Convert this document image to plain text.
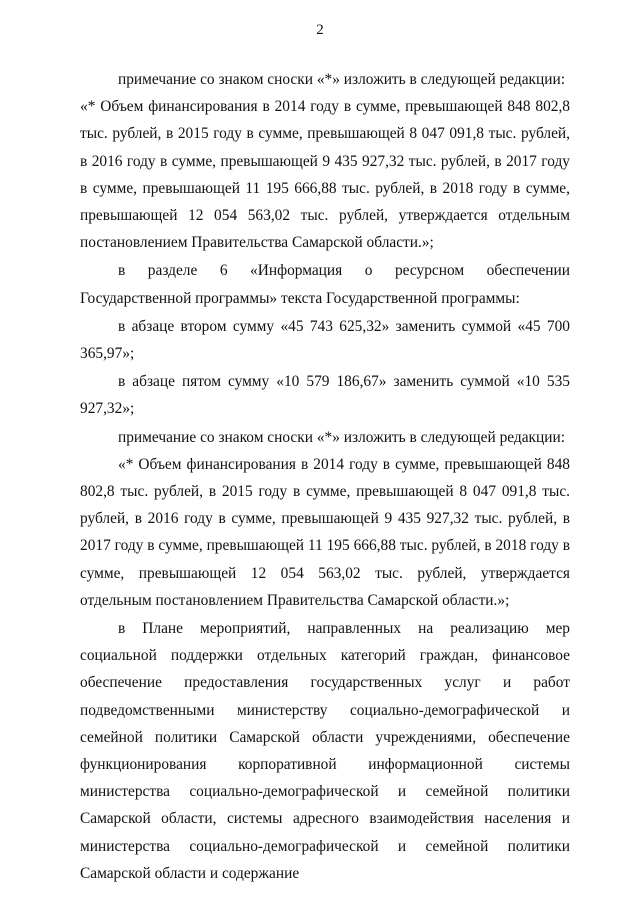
2

примечание со знаком сноски «*» изложить в следующей редакции:

«* Объем финансирования в 2014 году в сумме, превышающей 848 802,8 тыс. рублей, в 2015 году в сумме, превышающей 8 047 091,8 тыс. рублей, в 2016 году в сумме, превышающей 9 435 927,32 тыс. рублей, в 2017 году в сумме, превышающей 11 195 666,88 тыс. рублей, в 2018 году в сумме, превышающей 12 054 563,02 тыс. рублей, утверждается отдельным постановлением Правительства Самарской области.»;

в разделе 6 «Информация о ресурсном обеспечении Государственной программы» текста Государственной программы:

в абзаце втором сумму «45 743 625,32» заменить суммой «45 700 365,97»;

в абзаце пятом сумму «10 579 186,67» заменить суммой «10 535 927,32»;

примечание со знаком сноски «*» изложить в следующей редакции:

«* Объем финансирования в 2014 году в сумме, превышающей 848 802,8 тыс. рублей, в 2015 году в сумме, превышающей 8 047 091,8 тыс. рублей, в 2016 году в сумме, превышающей 9 435 927,32 тыс. рублей, в 2017 году в сумме, превышающей 11 195 666,88 тыс. рублей, в 2018 году в сумме, превышающей 12 054 563,02 тыс. рублей, утверждается отдельным постановлением Правительства Самарской области.»;

в Плане мероприятий, направленных на реализацию мер социальной поддержки отдельных категорий граждан, финансовое обеспечение предоставления государственных услуг и работ подведомственными министерству социально-демографической и семейной политики Самарской области учреждениями, обеспечение функционирования корпоративной информационной системы министерства социально-демографической и семейной политики Самарской области, системы адресного взаимодействия населения и министерства социально-демографической и семейной политики Самарской области и содержание
